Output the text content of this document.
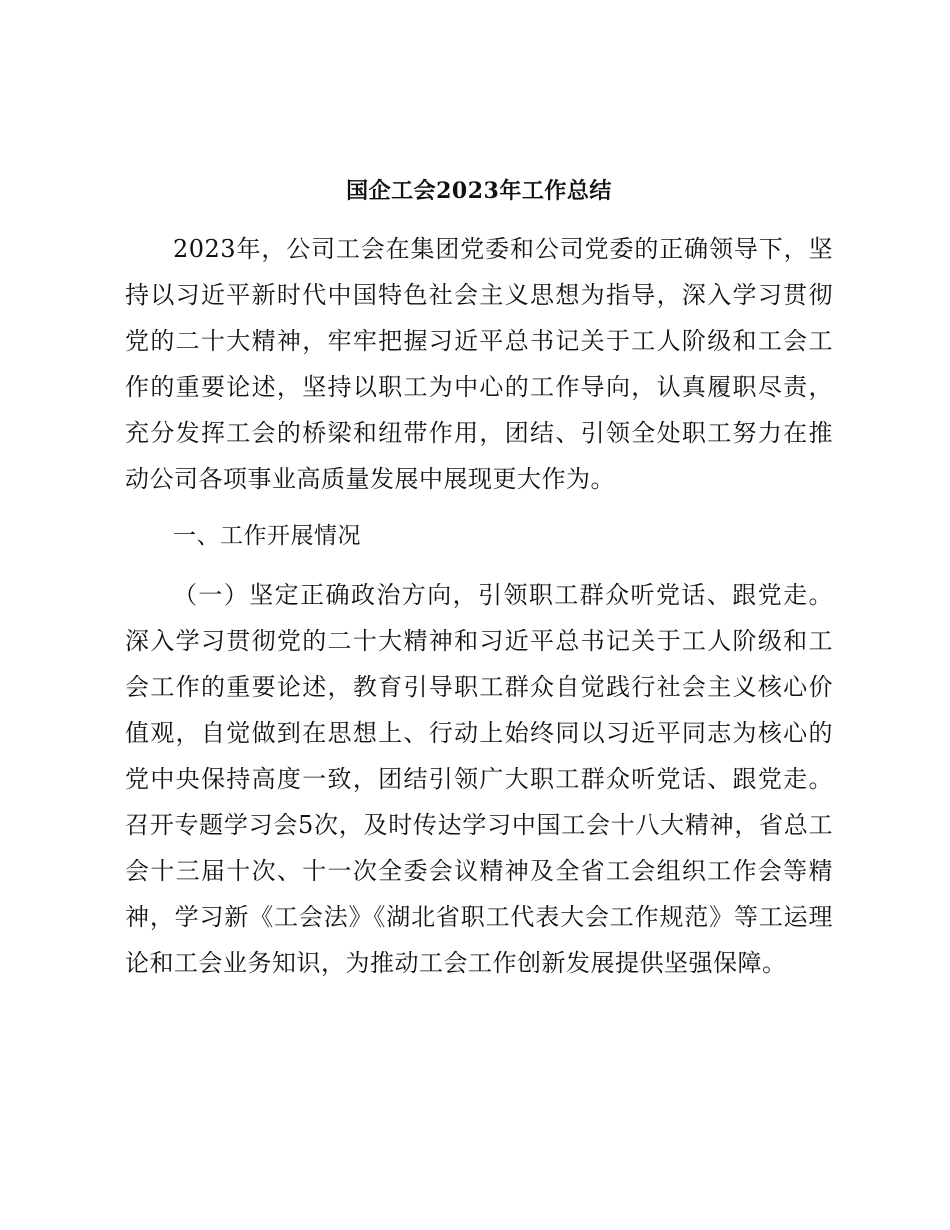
国企工会2023年工作总结

2023年，公司工会在集团党委和公司党委的正确领导下，坚持以习近平新时代中国特色社会主义思想为指导，深入学习贯彻党的二十大精神，牢牢把握习近平总书记关于工人阶级和工会工作的重要论述，坚持以职工为中心的工作导向，认真履职尽责，充分发挥工会的桥梁和纽带作用，团结、引领全处职工努力在推动公司各项事业高质量发展中展现更大作为。

一、工作开展情况

（一）坚定正确政治方向，引领职工群众听党话、跟党走。深入学习贯彻党的二十大精神和习近平总书记关于工人阶级和工会工作的重要论述，教育引导职工群众自觉践行社会主义核心价值观，自觉做到在思想上、行动上始终同以习近平同志为核心的党中央保持高度一致，团结引领广大职工群众听党话、跟党走。召开专题学习会5次，及时传达学习中国工会十八大精神，省总工会十三届十次、十一次全委会议精神及全省工会组织工作会等精神，学习新《工会法》《湖北省职工代表大会工作规范》等工运理论和工会业务知识，为推动工会工作创新发展提供坚强保障。
